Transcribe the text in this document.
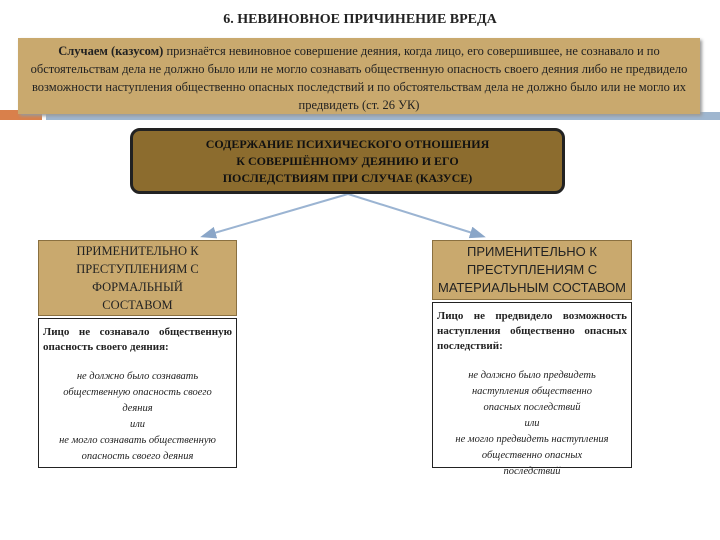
6. НЕВИНОВНОЕ ПРИЧИНЕНИЕ ВРЕДА
Случаем (казусом) признаётся невиновное совершение деяния, когда лицо, его совершившее, не сознавало и по обстоятельствам дела не должно было или не могло сознавать общественную опасность своего деяния либо не предвидело возможности наступления общественно опасных последствий и по обстоятельствам дела не должно было или не могло их предвидеть (ст. 26 УК)
СОДЕРЖАНИЕ ПСИХИЧЕСКОГО ОТНОШЕНИЯ
К СОВЕРШЁННОМУ ДЕЯНИЮ И ЕГО
ПОСЛЕДСТВИЯМ ПРИ СЛУЧАЕ (КАЗУСЕ)
ПРИМЕНИТЕЛЬНО К
ПРЕСТУПЛЕНИЯМ С
ФОРМАЛЬНЫЙ
СОСТАВОМ
Лицо не сознавало общественную опасность своего деяния:
не должно было сознавать
общественную опасность своего
деяния
или
не могло сознавать общественную
опасность своего деяния
ПРИМЕНИТЕЛЬНО К
ПРЕСТУПЛЕНИЯМ С
МАТЕРИАЛЬНЫМ СОСТАВОМ
Лицо не предвидело возможность наступления общественно опасных последствий:
не должно было предвидеть
наступления общественно
опасных последствий
или
не могло предвидеть наступления
общественно опасных
последствий
